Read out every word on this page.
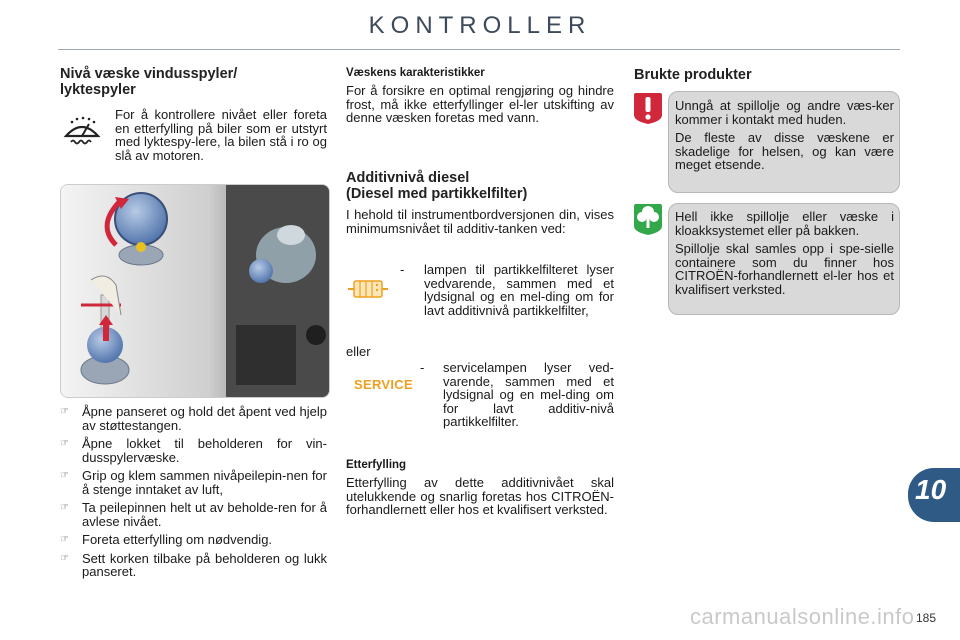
KONTROLLER
Nivå væske vindusspyler/
lyktespyler
For å kontrollere nivået eller foreta en etterfylling på biler som er utstyrt med lyktespy-lere, la bilen stå i ro og slå av motoren.
☞ Åpne panseret og hold det åpent ved hjelp av støttestangen.
☞ Åpne lokket til beholderen for vin-dusspylervæske.
☞ Grip og klem sammen nivåpeilepin-nen for å stenge inntaket av luft,
☞ Ta peilepinnen helt ut av beholde-ren for å avlese nivået.
☞ Foreta etterfylling om nødvendig.
☞ Sett korken tilbake på beholderen og lukk panseret.
Væskens karakteristikker
For å forsikre en optimal rengjøring og hindre frost, må ikke etterfyllinger el-ler utskifting av denne væsken foretas med vann.
Additivnivå diesel
(Diesel med partikkelfilter)
I hehold til instrumentbordversjonen din, vises minimumsnivået til additiv-tanken ved:
- lampen til partikkelfilteret lyser vedvarende, sammen med et lydsignal og en mel-ding om for lavt additivnivå partikkelfilter,
eller
SERVICE
- servicelampen lyser ved-varende, sammen med et lydsignal og en mel-ding om for lavt additiv-nivå partikkelfilter.
Etterfylling
Etterfylling av dette additivnivået skal utelukkende og snarlig foretas hos CITROËN-forhandlernett eller hos et kvalifisert verksted.
Brukte produkter

Unngå at spillolje og andre væs-ker kommer i kontakt med huden.

De fleste av disse væskene er skadelige for helsen, og kan være meget etsende.

Hell ikke spillolje eller væske i kloakksystemet eller på bakken.

Spillolje skal samles opp i spe-sielle containere som du finner hos CITROËN-forhandlernett el-ler hos et kvalifisert verksted.

10
carmanualsonline.info 185
